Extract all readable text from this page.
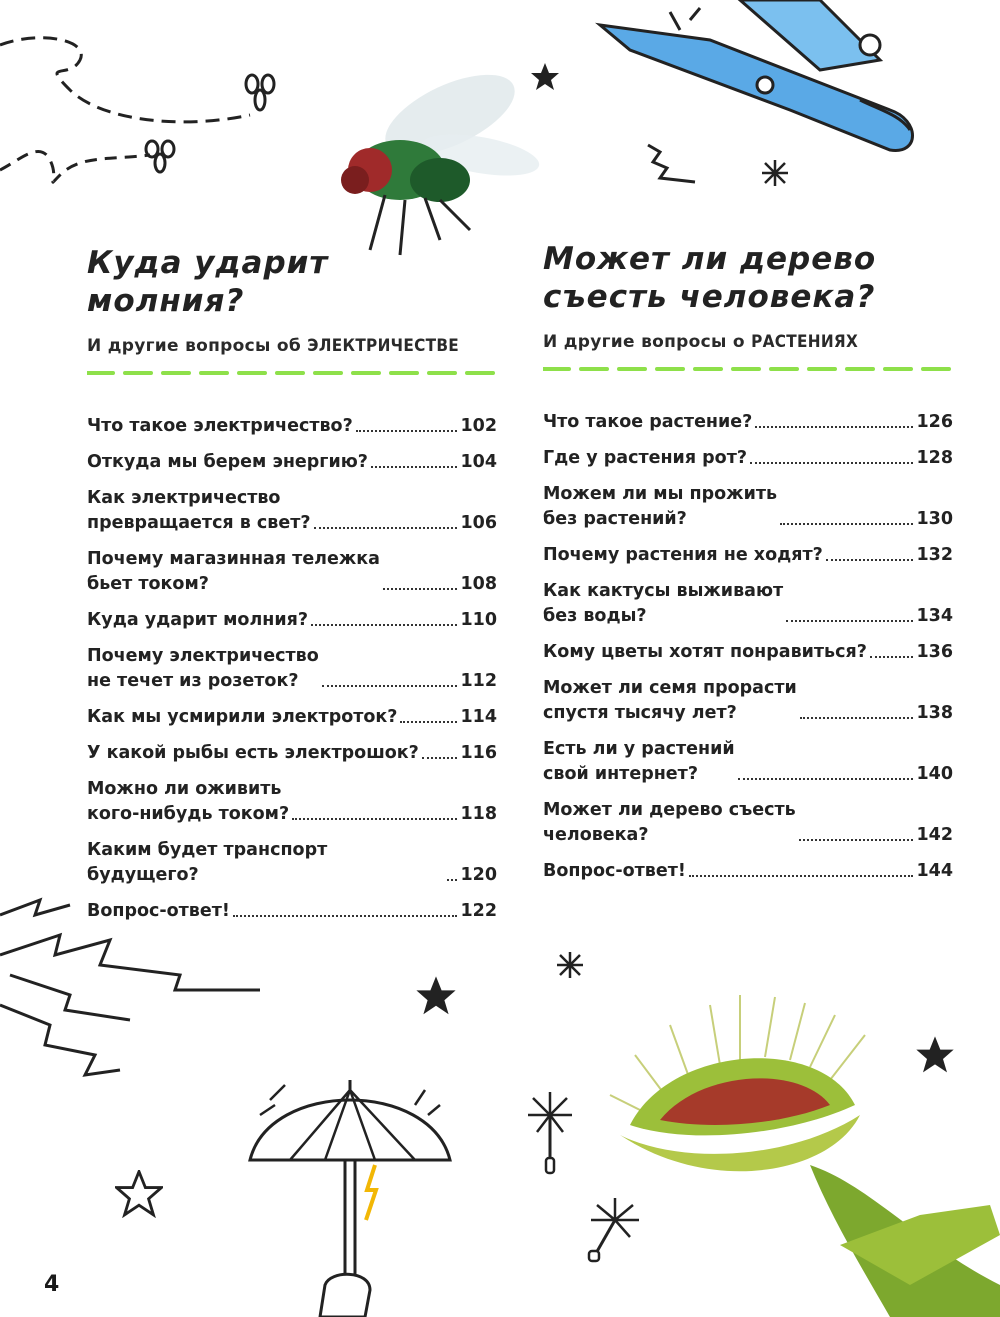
Куда ударит
молния?
И другие вопросы об ЭЛЕКТРИЧЕСТВЕ
Что такое электричество?	102
Откуда мы берем энергию?	104
Как электричество
превращается в свет?	106
Почему магазинная тележка
бьет током?	108
Куда ударит молния?	110
Почему электричество
не течет из розеток?	112
Как мы усмирили электроток?	114
У какой рыбы есть электрошок? 116
Можно ли оживить
кого-нибудь током?	118
Каким будет транспорт будущего?	120
Вопрос-ответ!	122
Может ли дерево
съесть человека?
И другие вопросы о РАСТЕНИЯХ
Что такое растение?	126
Где у растения рот?	128
Можем ли мы прожить
без растений?	130
Почему растения не ходят?	132
Как кактусы выживают
без воды?	134
Кому цветы хотят понравиться?	136
Может ли семя прорасти
спустя тысячу лет?	138
Есть ли у растений
свой интернет?	140
Может ли дерево съесть
человека?	142
Вопрос-ответ!	144
4
